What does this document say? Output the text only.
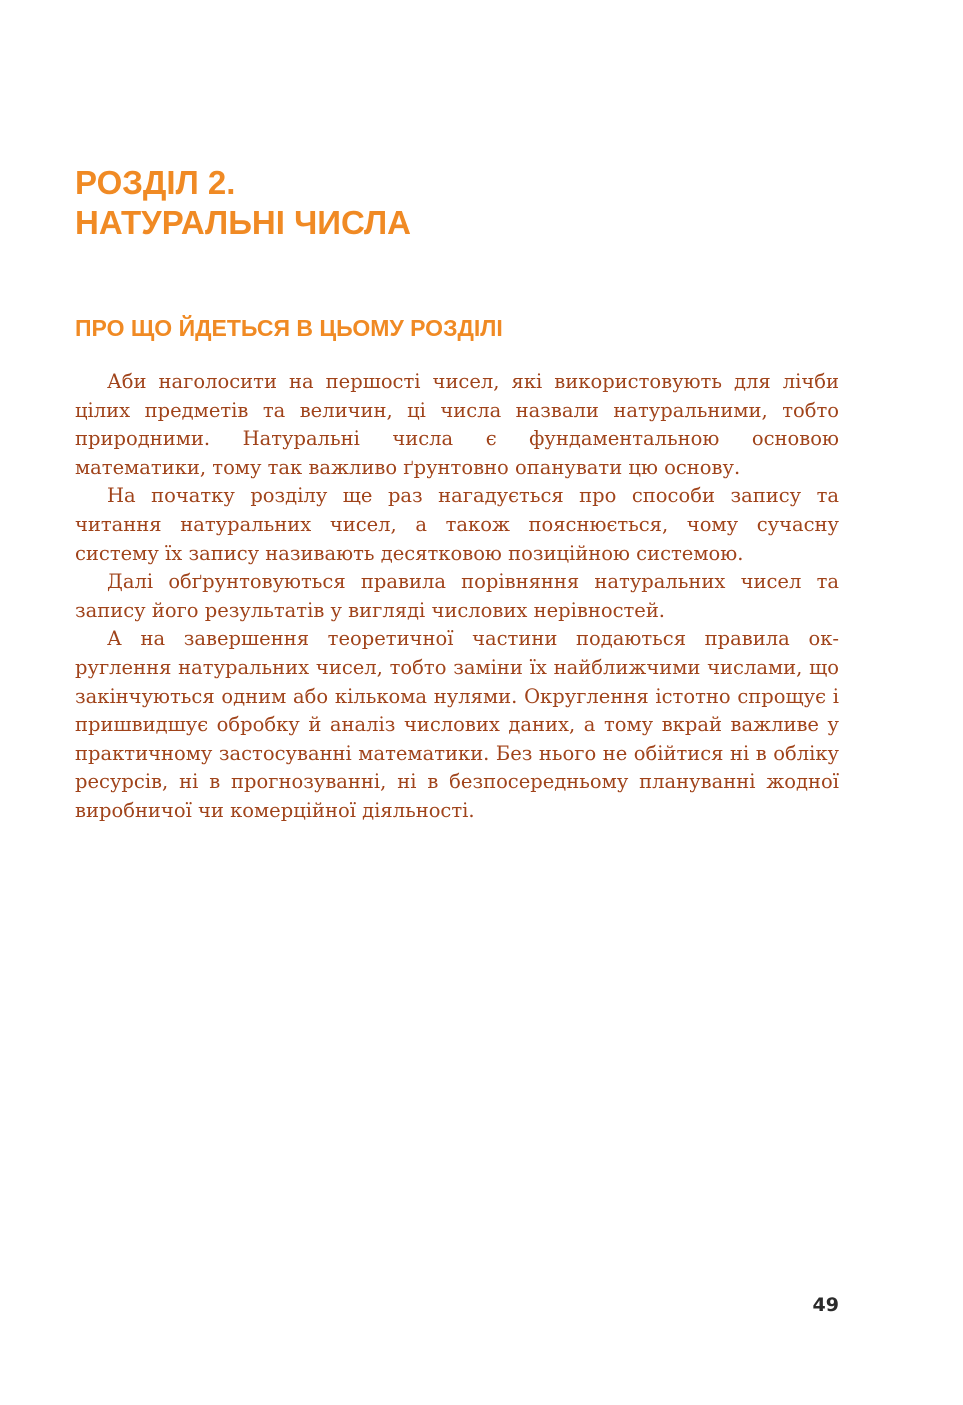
РОЗДІЛ 2.
НАТУРАЛЬНІ ЧИСЛА
ПРО ЩО ЙДЕТЬСЯ В ЦЬОМУ РОЗДІЛІ

Аби наголосити на першості чисел, які використовують для лічби цілих предметів та величин, ці числа назвали натуральними, тобто природними. Натуральні числа є фундаментальною основою математики, тому так важливо ґрунтовно опанувати цю основу.

На початку розділу ще раз нагадується про способи запису та читання натуральних чисел, а також пояснюється, чому сучасну систему їх запису називають десятковою позиційною системою.

Далі обґрунтовуються правила порівняння натуральних чисел та запису його результатів у вигляді числових нерівностей.

А на завершення теоретичної частини подаються правила округлення натуральних чисел, тобто заміни їх найближчими числами, що закінчуються одним або кількома нулями. Округлення істотно спрощує і пришвидшує обробку й аналіз числових даних, а тому вкрай важливе у практичному застосуванні математики. Без нього не обійтися ні в обліку ресурсів, ні в прогнозуванні, ні в безпосередньому плануванні жодної виробничої чи комерційної діяльності.

49
